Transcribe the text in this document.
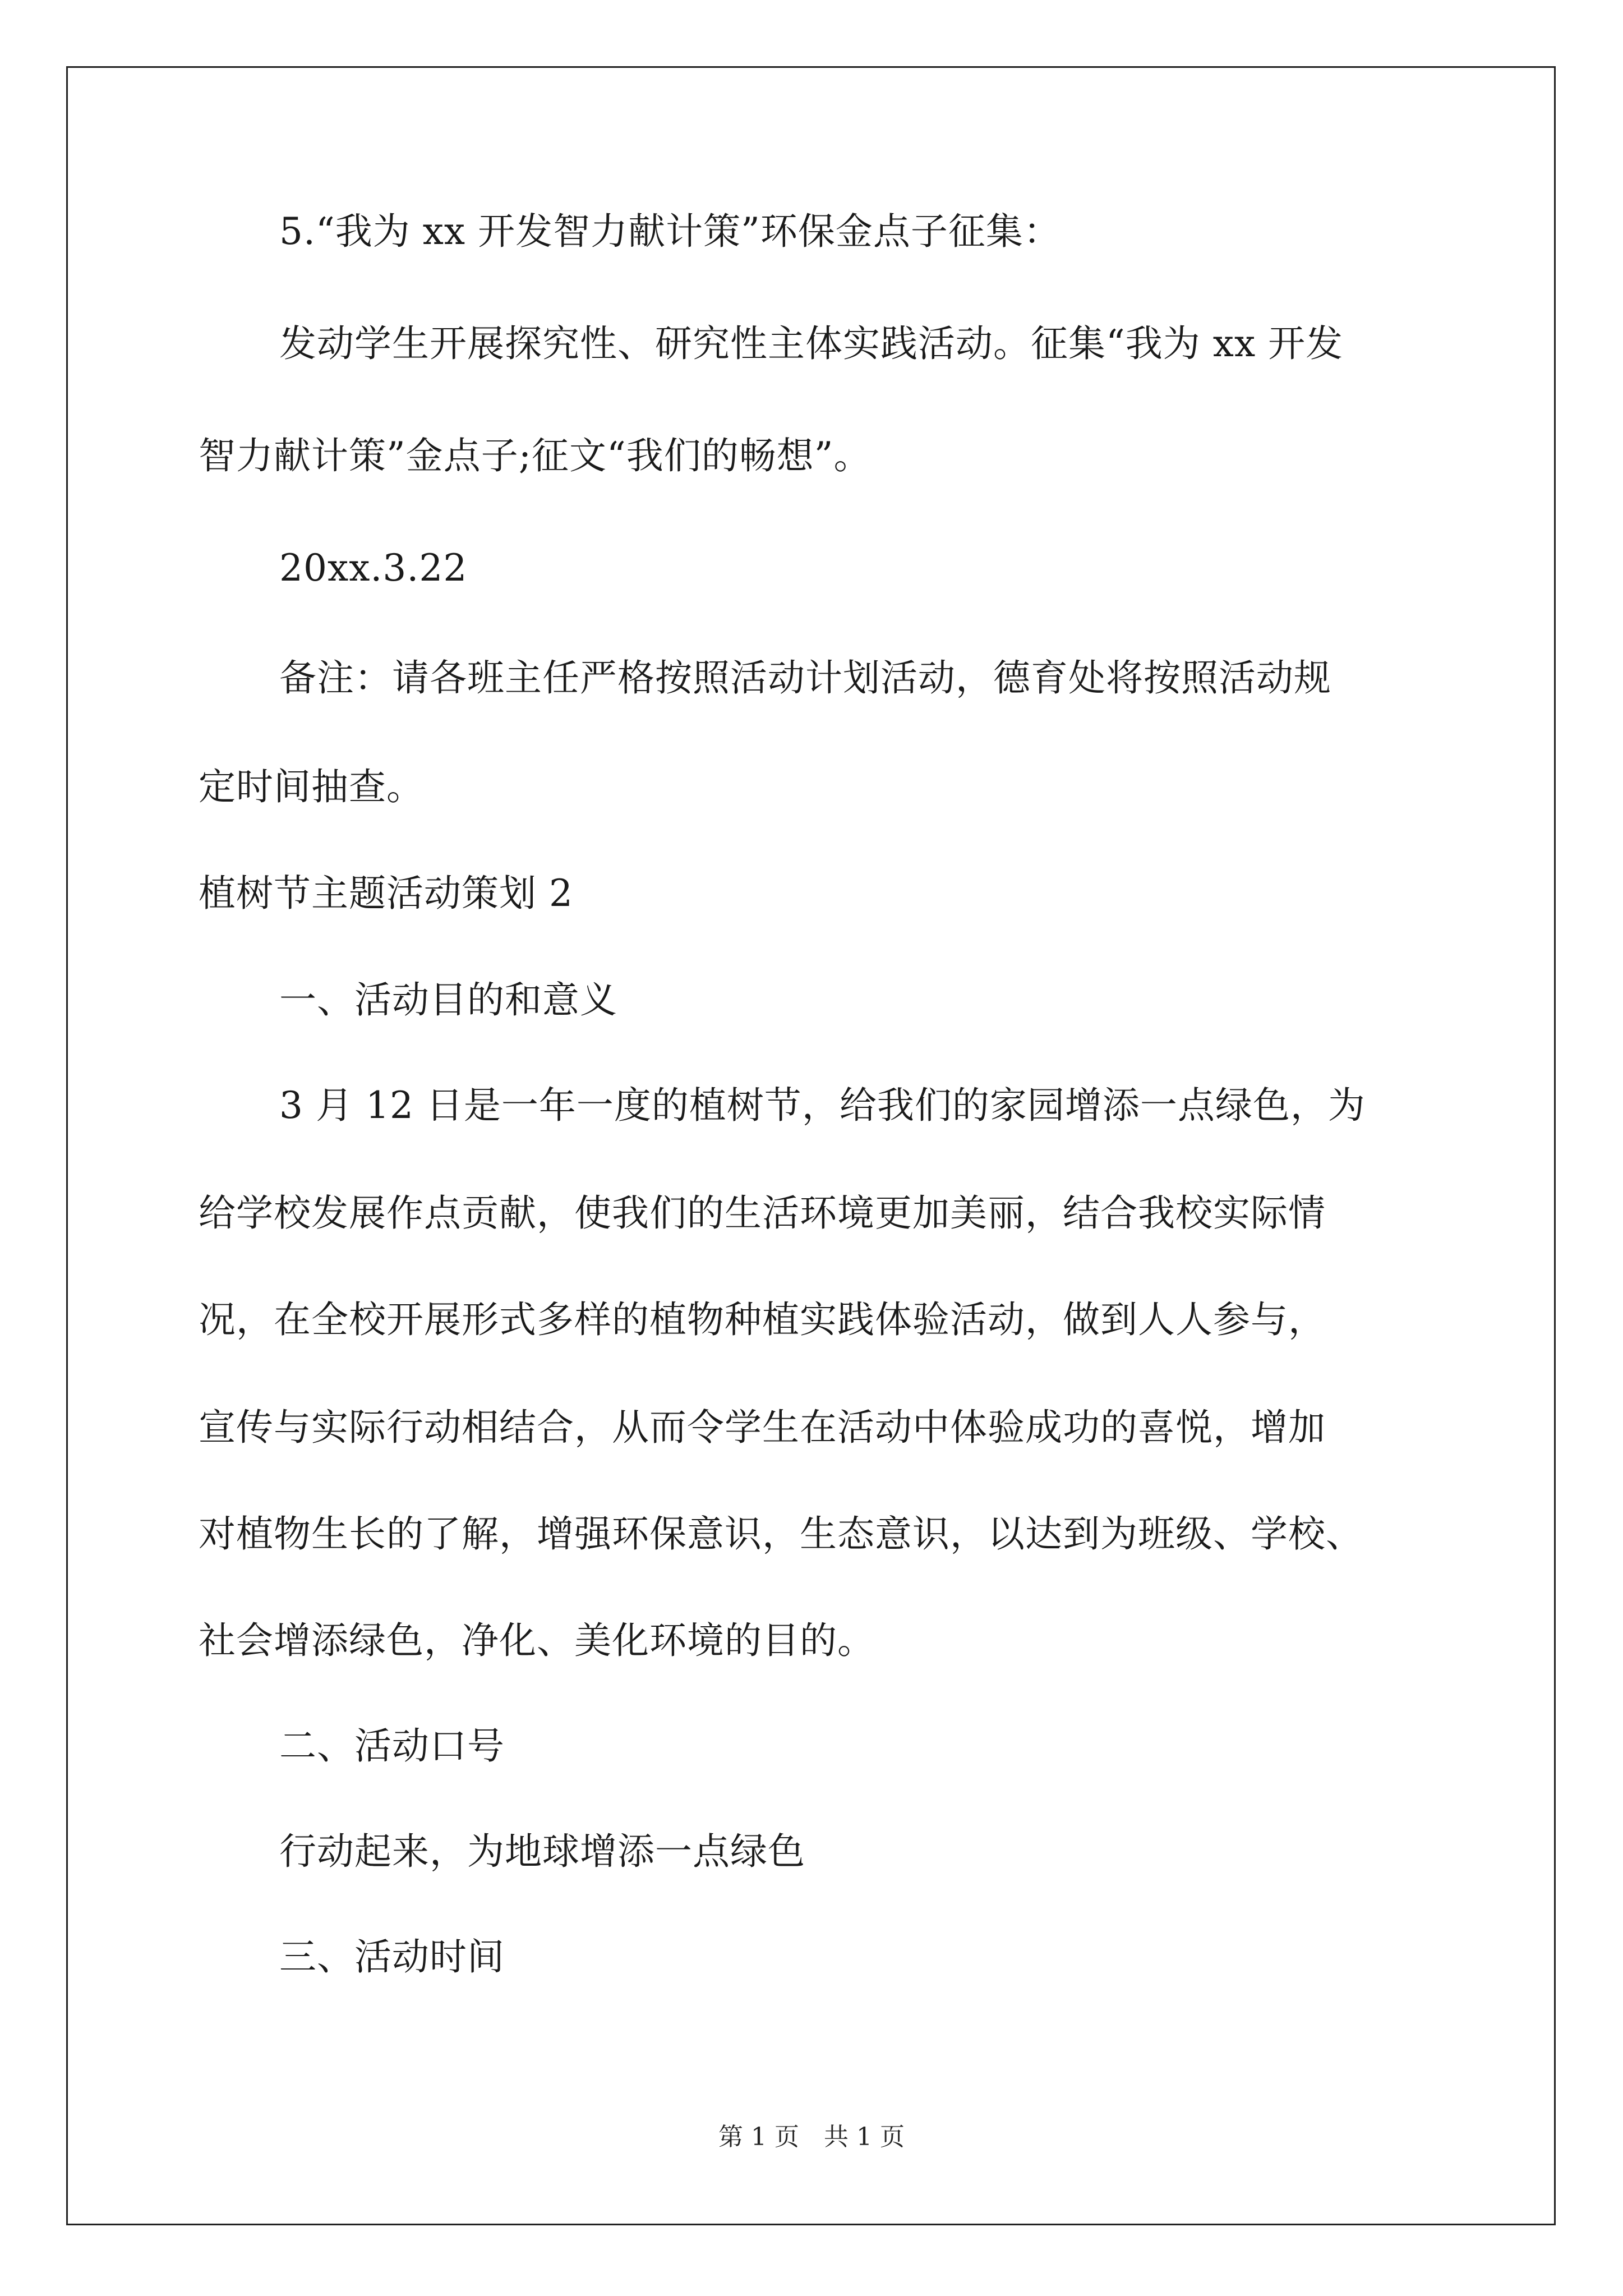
5.“我为 xx 开发智力献计策”环保金点子征集：
发动学生开展探究性、研究性主体实践活动。征集“我为 xx 开发
智力献计策”金点子;征文“我们的畅想”。
20xx.3.22
备注：请各班主任严格按照活动计划活动，德育处将按照活动规
定时间抽查。
植树节主题活动策划 2
一、活动目的和意义
3 月 12 日是一年一度的植树节，给我们的家园增添一点绿色，为
给学校发展作点贡献，使我们的生活环境更加美丽，结合我校实际情
况，在全校开展形式多样的植物种植实践体验活动，做到人人参与，
宣传与实际行动相结合，从而令学生在活动中体验成功的喜悦，增加
对植物生长的了解，增强环保意识，生态意识，以达到为班级、学校、
社会增添绿色，净化、美化环境的目的。
二、活动口号
行动起来，为地球增添一点绿色
三、活动时间
第 1 页　共 1 页
